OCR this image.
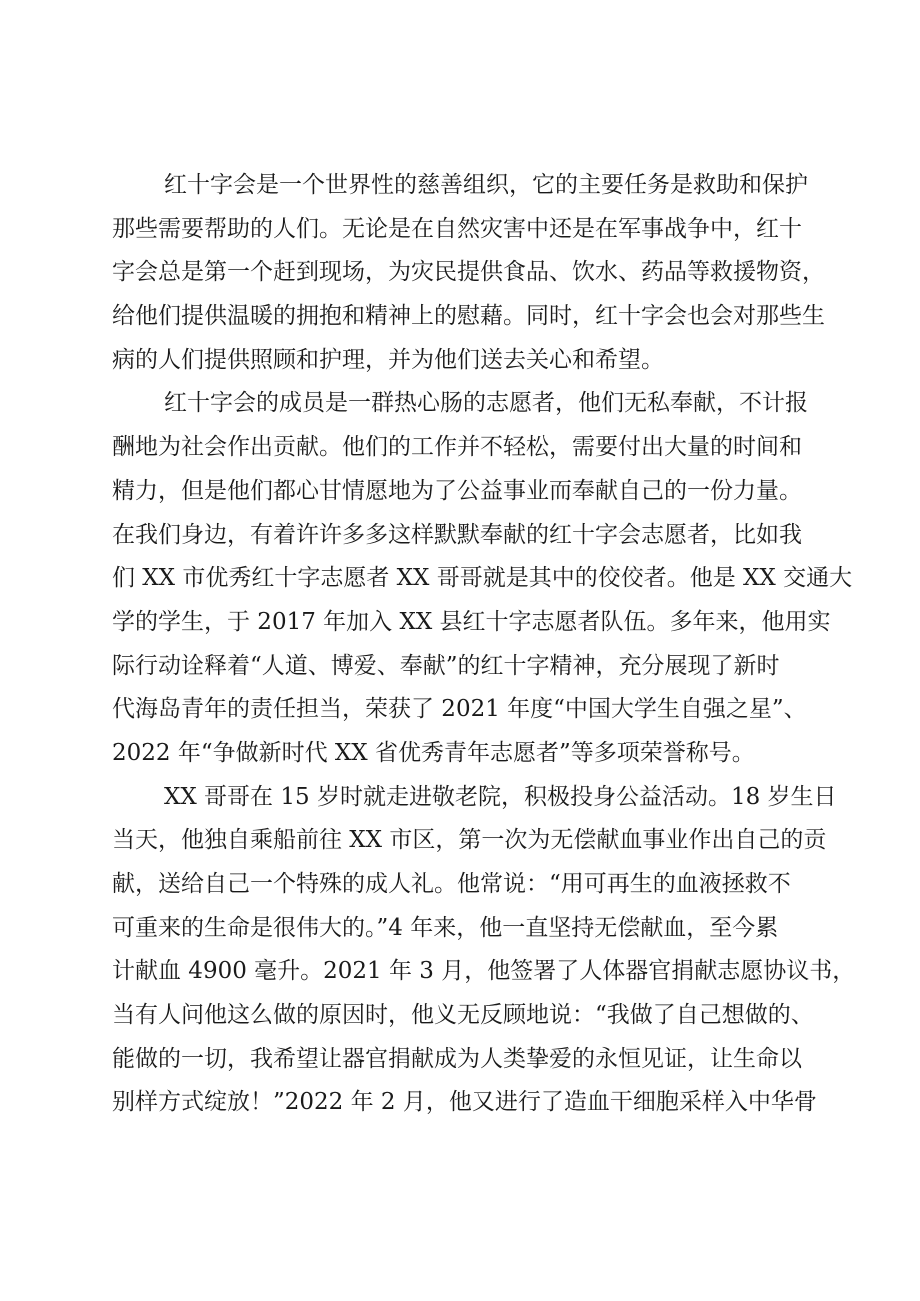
红十字会是一个世界性的慈善组织，它的主要任务是救助和保护
那些需要帮助的人们。无论是在自然灾害中还是在军事战争中，红十
字会总是第一个赶到现场，为灾民提供食品、饮水、药品等救援物资，
给他们提供温暖的拥抱和精神上的慰藉。同时，红十字会也会对那些生
病的人们提供照顾和护理，并为他们送去关心和希望。
红十字会的成员是一群热心肠的志愿者，他们无私奉献，不计报
酬地为社会作出贡献。他们的工作并不轻松，需要付出大量的时间和
精力，但是他们都心甘情愿地为了公益事业而奉献自己的一份力量。
在我们身边，有着许许多多这样默默奉献的红十字会志愿者，比如我
们 XX 市优秀红十字志愿者 XX 哥哥就是其中的佼佼者。他是 XX 交通大
学的学生，于 2017 年加入 XX 县红十字志愿者队伍。多年来，他用实
际行动诠释着“人道、博爱、奉献”的红十字精神，充分展现了新时
代海岛青年的责任担当，荣获了 2021 年度“中国大学生自强之星”、
2022 年“争做新时代 XX 省优秀青年志愿者”等多项荣誉称号。
XX 哥哥在 15 岁时就走进敬老院，积极投身公益活动。18 岁生日
当天，他独自乘船前往 XX 市区，第一次为无偿献血事业作出自己的贡
献，送给自己一个特殊的成人礼。他常说：“用可再生的血液拯救不
可重来的生命是很伟大的。”4 年来，他一直坚持无偿献血，至今累
计献血 4900 毫升。2021 年 3 月，他签署了人体器官捐献志愿协议书，
当有人问他这么做的原因时，他义无反顾地说：“我做了自己想做的、
能做的一切，我希望让器官捐献成为人类挚爱的永恒见证，让生命以
别样方式绽放！”2022 年 2 月，他又进行了造血干细胞采样入中华骨
